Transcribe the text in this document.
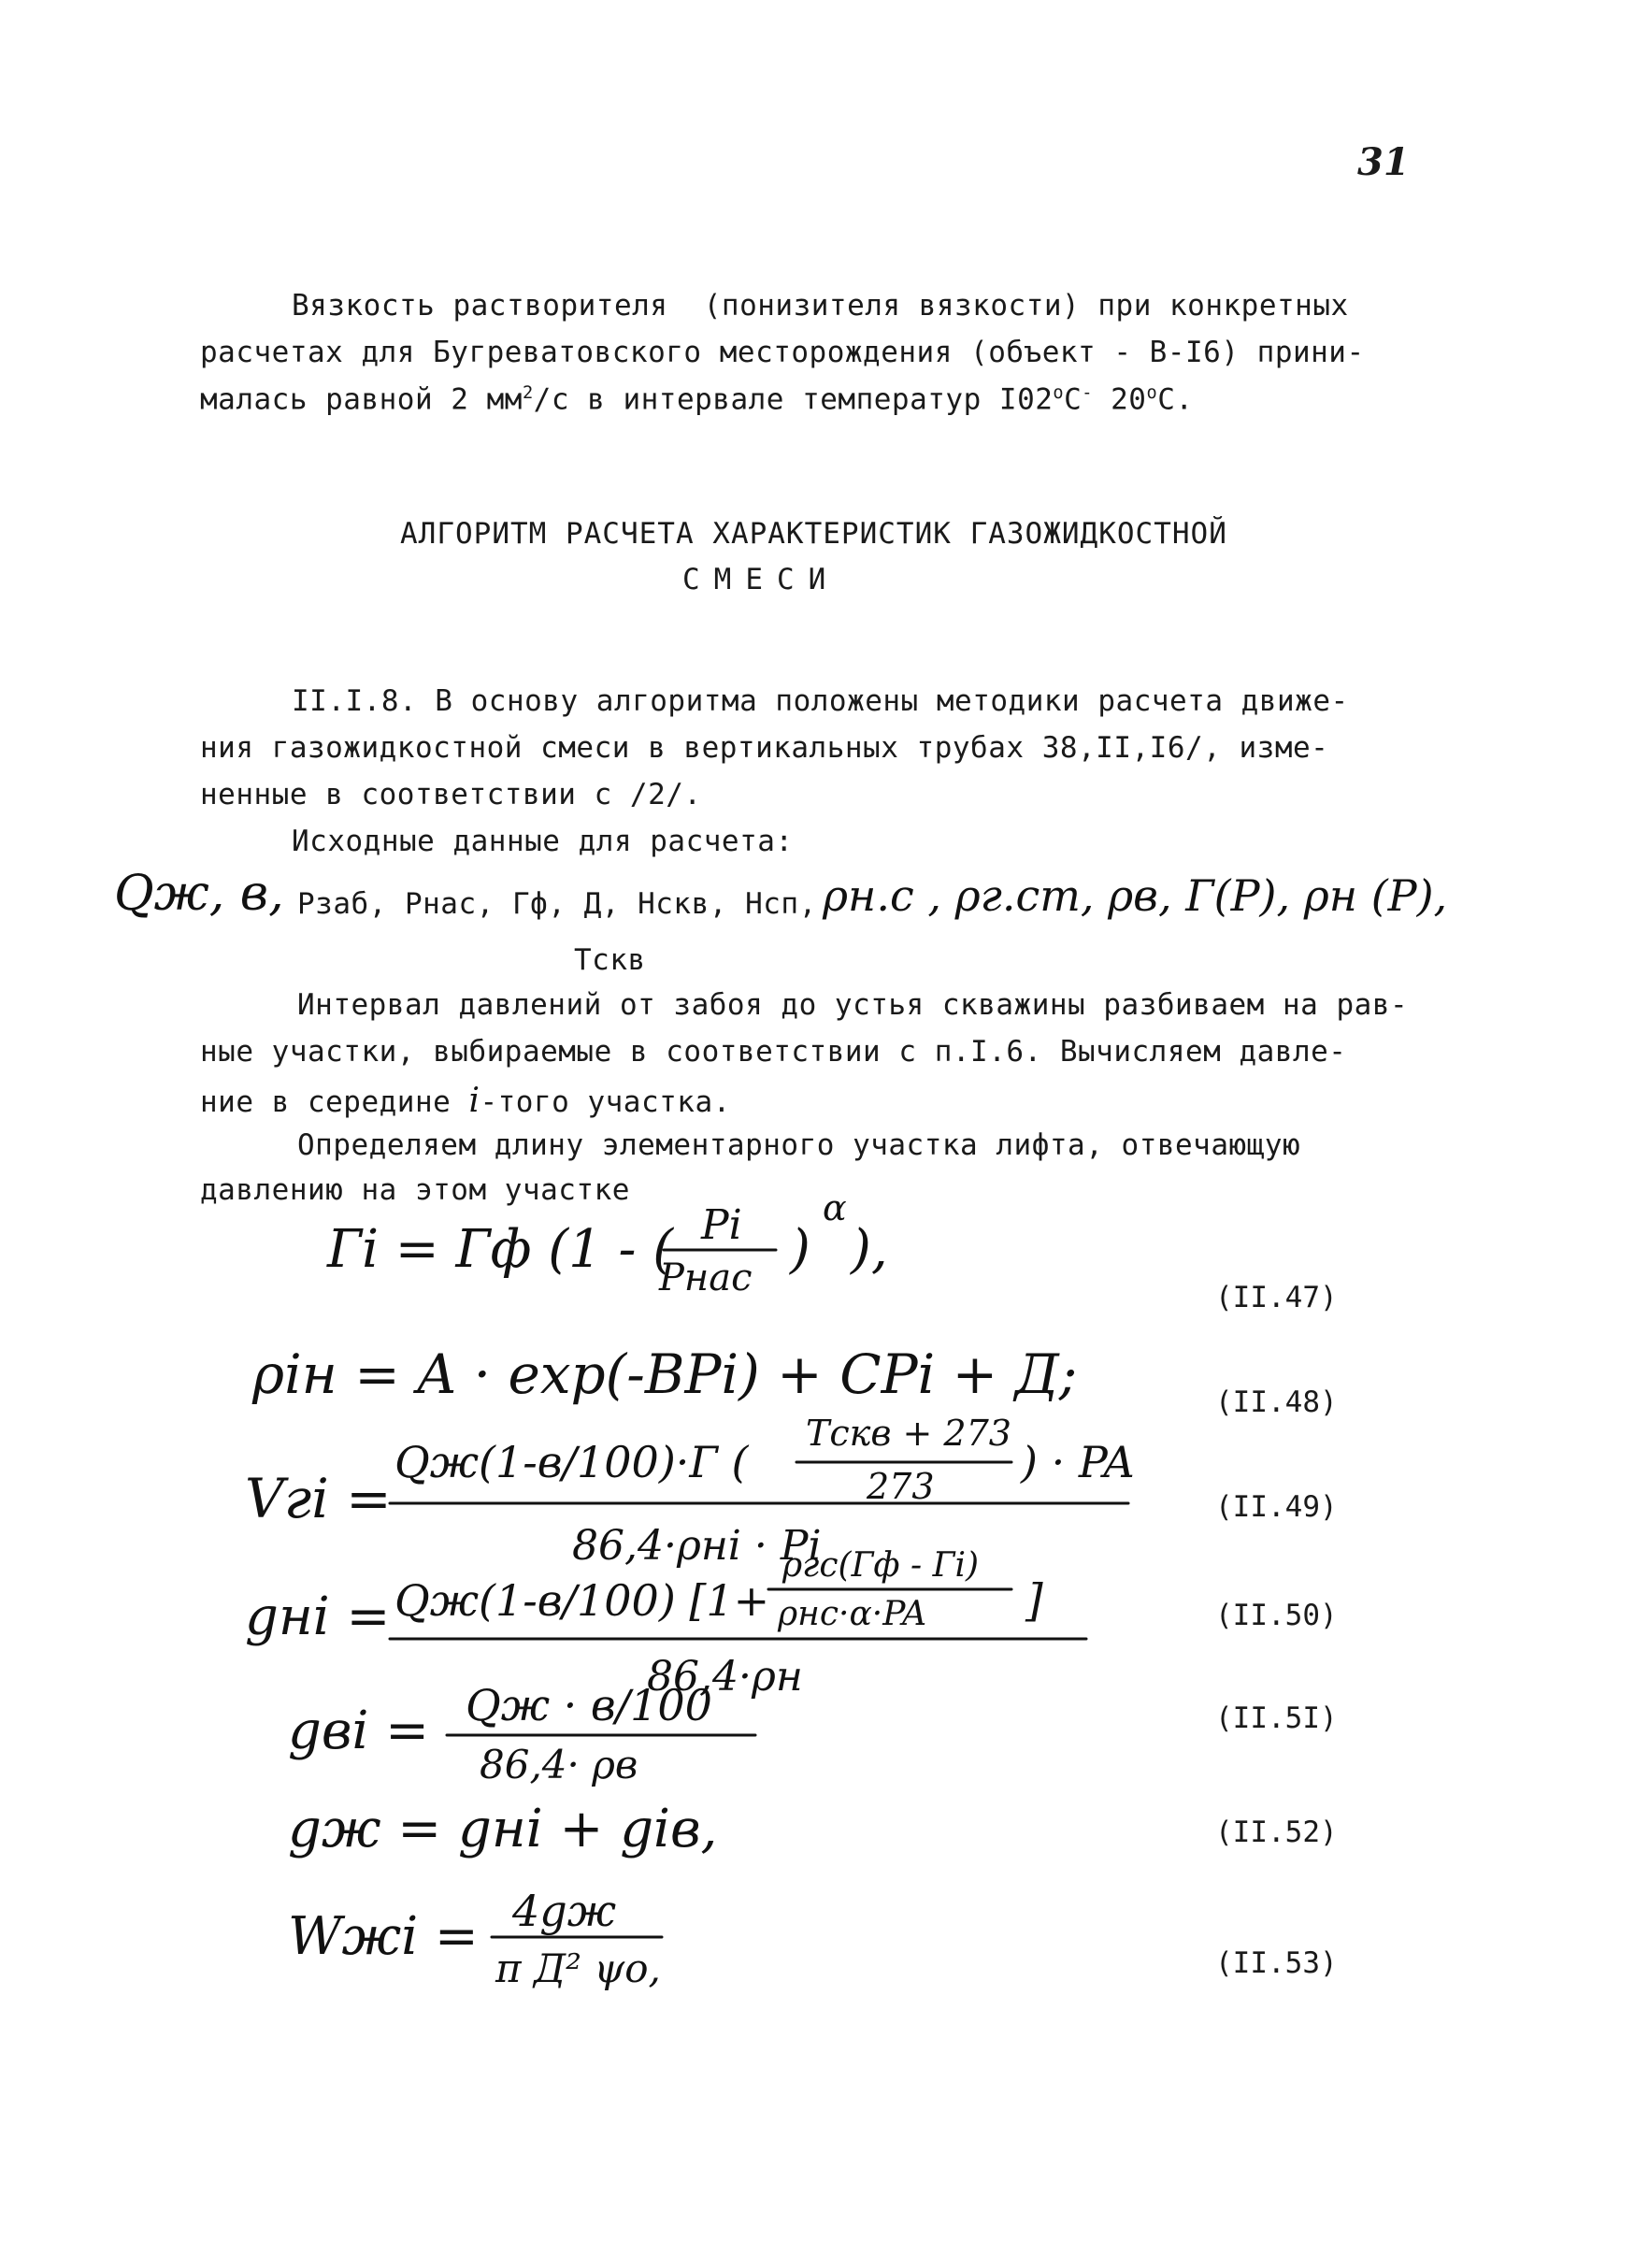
31
Вязкость растворителя  (понизителя вязкости) при конкретных
расчетах для Бугреватовского месторождения (объект - В-I6) прини-
малась равной 2 $мм^2/с$ в интервале температур I02$^o$С- 20$^o$С.
АЛГОРИТМ РАСЧЕТА ХАРАКТЕРИСТИК ГАЗОЖИДКОСТНОЙ
СМЕСИ
II.I.8. В основу алгоритма положены методики расчета движе-
ния газожидкостной смеси в вертикальных трубах 38,II,I6/, изме-
ненные в соответствии с /2/.
Исходные данные для расчета:
Qж, в, Рзаб, Рнас, Гф, Д, Нскв, Нсп, ρн.с , ρг.ст, ρв, Г(Р), ρн (Р),
Тскв
Интервал давлений от забоя до устья скважины разбиваем на рав-
ные участки, выбираемые в соответствии с п.I.6. Вычисляем давле-
ние в середине i-того участка.
Определяем длину элементарного участка лифта, отвечающую
давлению на этом участке
Гi = Гф (1 - ( Pi
Pнас )
α
),
(II.47)
ρiн = A · exp(-BPi) + CPi + Д;	(II.48)
Vгi =
Qж(1-в/100)·Г (
Тскв + 273
273 ) · PA
86,4·ρнi · Pi
(II.49)
gнi = Qж(1-в/100) [1+
ρгс(Гф - Гi)
ρнс·α·PA ]
86,4·ρн
(II.50)
gвi = Qж · в/100
86,4· ρв
(II.5I)
gж = gнi + giв,	(II.52)
Wжi = 4gж
π Д² ψо,	(II.53)
